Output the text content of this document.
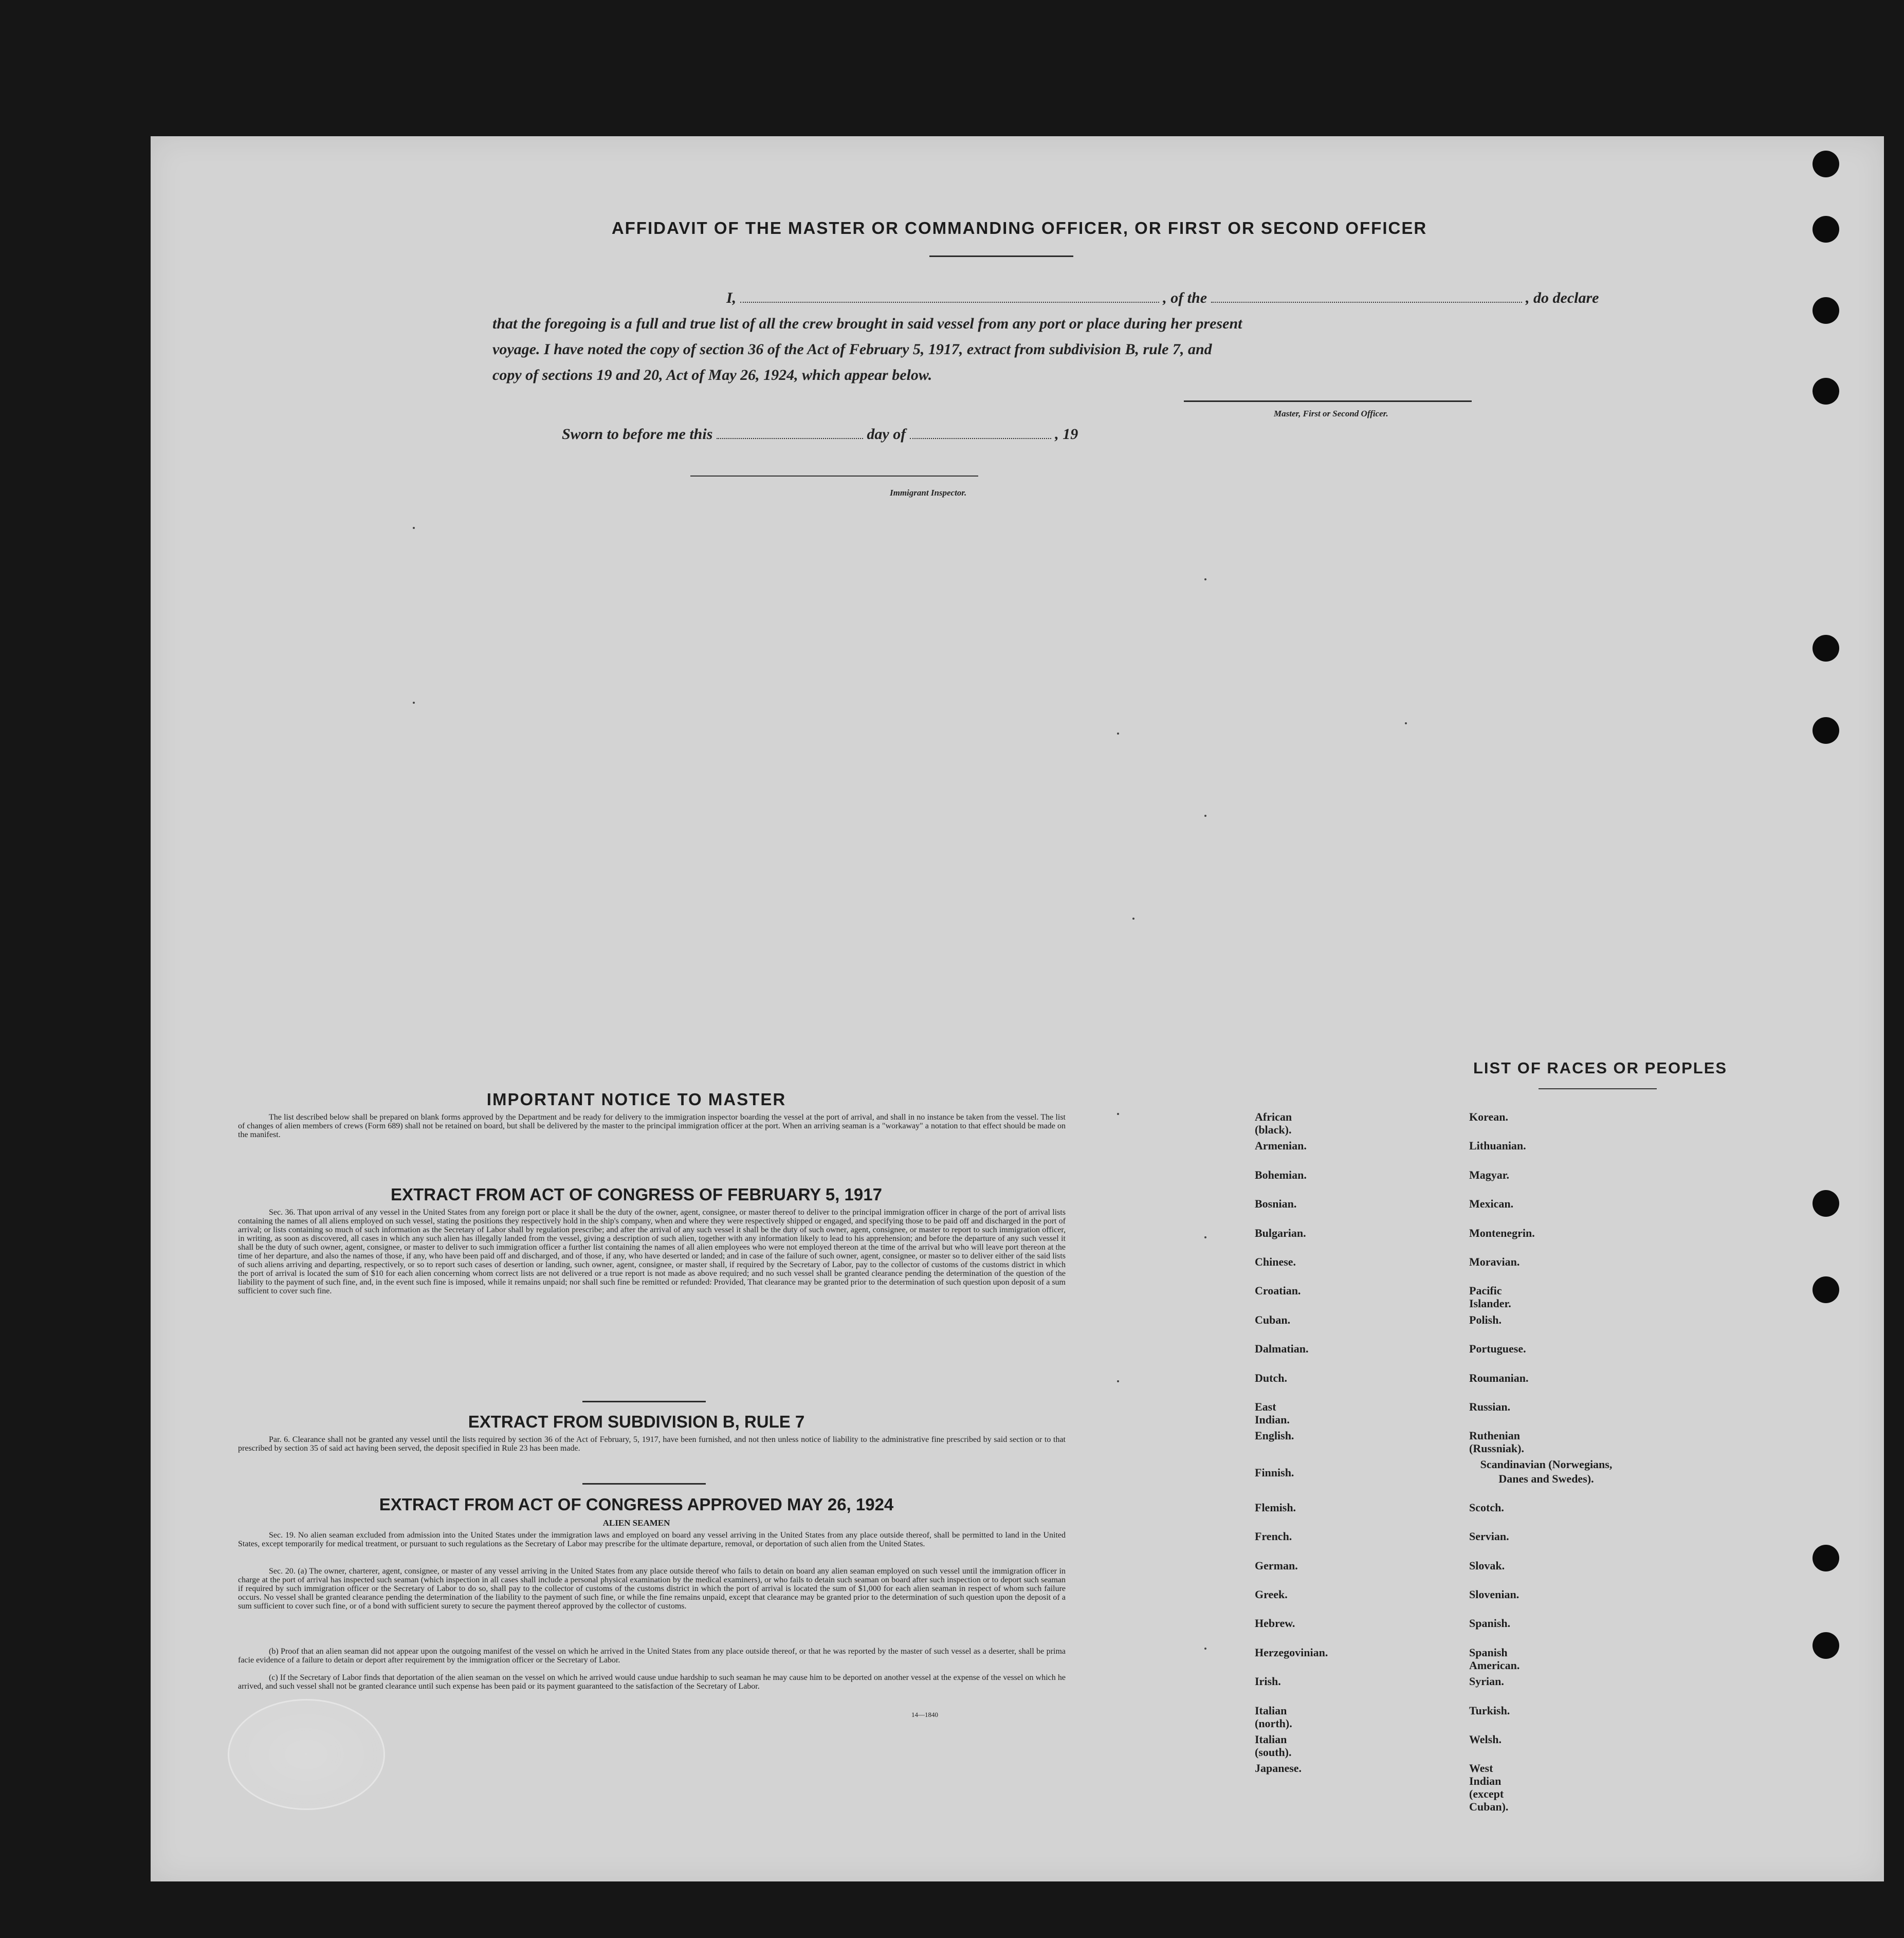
AFFIDAVIT OF THE MASTER OR COMMANDING OFFICER, OR FIRST OR SECOND OFFICER
I,	, of the	, do declare
that the foregoing is a full and true list of all the crew brought in said vessel from any port or place during her present
voyage. I have noted the copy of section 36 of the Act of February 5, 1917, extract from subdivision B, rule 7, and
copy of sections 19 and 20, Act of May 26, 1924, which appear below.
Master, First or Second Officer.
Sworn to before me this	day of	, 19
Immigrant Inspector.
IMPORTANT NOTICE TO MASTER
The list described below shall be prepared on blank forms approved by the Department and be ready for delivery to the immigration inspector boarding the vessel at the port of arrival, and shall in no instance be taken from the vessel. The list of changes of alien members of crews (Form 689) shall not be retained on board, but shall be delivered by the master to the principal immigration officer at the port. When an arriving seaman is a "workaway" a notation to that effect should be made on the manifest.
EXTRACT FROM ACT OF CONGRESS OF FEBRUARY 5, 1917
Sec. 36. That upon arrival of any vessel in the United States from any foreign port or place it shall be the duty of the owner, agent, consignee, or master thereof to deliver to the principal immigration officer in charge of the port of arrival lists containing the names of all aliens employed on such vessel, stating the positions they respectively hold in the ship's company, when and where they were respectively shipped or engaged, and specifying those to be paid off and discharged in the port of arrival; or lists containing so much of such information as the Secretary of Labor shall by regulation prescribe; and after the arrival of any such vessel it shall be the duty of such owner, agent, consignee, or master to report to such immigration officer, in writing, as soon as discovered, all cases in which any such alien has illegally landed from the vessel, giving a description of such alien, together with any information likely to lead to his apprehension; and before the departure of any such vessel it shall be the duty of such owner, agent, consignee, or master to deliver to such immigration officer a further list containing the names of all alien employees who were not employed thereon at the time of the arrival but who will leave port thereon at the time of her departure, and also the names of those, if any, who have been paid off and discharged, and of those, if any, who have deserted or landed; and in case of the failure of such owner, agent, consignee, or master so to deliver either of the said lists of such aliens arriving and departing, respectively, or so to report such cases of desertion or landing, such owner, agent, consignee, or master shall, if required by the Secretary of Labor, pay to the collector of customs of the customs district in which the port of arrival is located the sum of $10 for each alien concerning whom correct lists are not delivered or a true report is not made as above required; and no such vessel shall be granted clearance pending the determination of the question of the liability to the payment of such fine, and, in the event such fine is imposed, while it remains unpaid; nor shall such fine be remitted or refunded: Provided, That clearance may be granted prior to the determination of such question upon deposit of a sum sufficient to cover such fine.
EXTRACT FROM SUBDIVISION B, RULE 7
Par. 6. Clearance shall not be granted any vessel until the lists required by section 36 of the Act of February, 5, 1917, have been furnished, and not then unless notice of liability to the administrative fine prescribed by said section or to that prescribed by section 35 of said act having been served, the deposit specified in Rule 23 has been made.
EXTRACT FROM ACT OF CONGRESS APPROVED MAY 26, 1924
ALIEN SEAMEN
Sec. 19. No alien seaman excluded from admission into the United States under the immigration laws and employed on board any vessel arriving in the United States from any place outside thereof, shall be permitted to land in the United States, except temporarily for medical treatment, or pursuant to such regulations as the Secretary of Labor may prescribe for the ultimate departure, removal, or deportation of such alien from the United States.
Sec. 20. (a) The owner, charterer, agent, consignee, or master of any vessel arriving in the United States from any place outside thereof who fails to detain on board any alien seaman employed on such vessel until the immigration officer in charge at the port of arrival has inspected such seaman (which inspection in all cases shall include a personal physical examination by the medical examiners), or who fails to detain such seaman on board after such inspection or to deport such seaman if required by such immigration officer or the Secretary of Labor to do so, shall pay to the collector of customs of the customs district in which the port of arrival is located the sum of $1,000 for each alien seaman in respect of whom such failure occurs. No vessel shall be granted clearance pending the determination of the liability to the payment of such fine, or while the fine remains unpaid, except that clearance may be granted prior to the determination of such question upon the deposit of a sum sufficient to cover such fine, or of a bond with sufficient surety to secure the payment thereof approved by the collector of customs.
(b) Proof that an alien seaman did not appear upon the outgoing manifest of the vessel on which he arrived in the United States from any place outside thereof, or that he was reported by the master of such vessel as a deserter, shall be prima facie evidence of a failure to detain or deport after requirement by the immigration officer or the Secretary of Labor.
(c) If the Secretary of Labor finds that deportation of the alien seaman on the vessel on which he arrived would cause undue hardship to such seaman he may cause him to be deported on another vessel at the expense of the vessel on which he arrived, and such vessel shall not be granted clearance until such expense has been paid or its payment guaranteed to the satisfaction of the Secretary of Labor.
14—1840
LIST OF RACES OR PEOPLES
African (black).
Armenian.
Bohemian.
Bosnian.
Bulgarian.
Chinese.
Croatian.
Cuban.
Dalmatian.
Dutch.
East Indian.
English.
Finnish.
Flemish.
French.
German.
Greek.
Hebrew.
Herzegovinian.
Irish.
Italian (north).
Italian (south).
Japanese.
Korean.
Lithuanian.
Magyar.
Mexican.
Montenegrin.
Moravian.
Pacific Islander.
Polish.
Portuguese.
Roumanian.
Russian.
Ruthenian (Russniak).
Scandinavian (Norwegians, Danes and Swedes).
Scotch.
Servian.
Slovak.
Slovenian.
Spanish.
Spanish American.
Syrian.
Turkish.
Welsh.
West Indian (except Cuban).
